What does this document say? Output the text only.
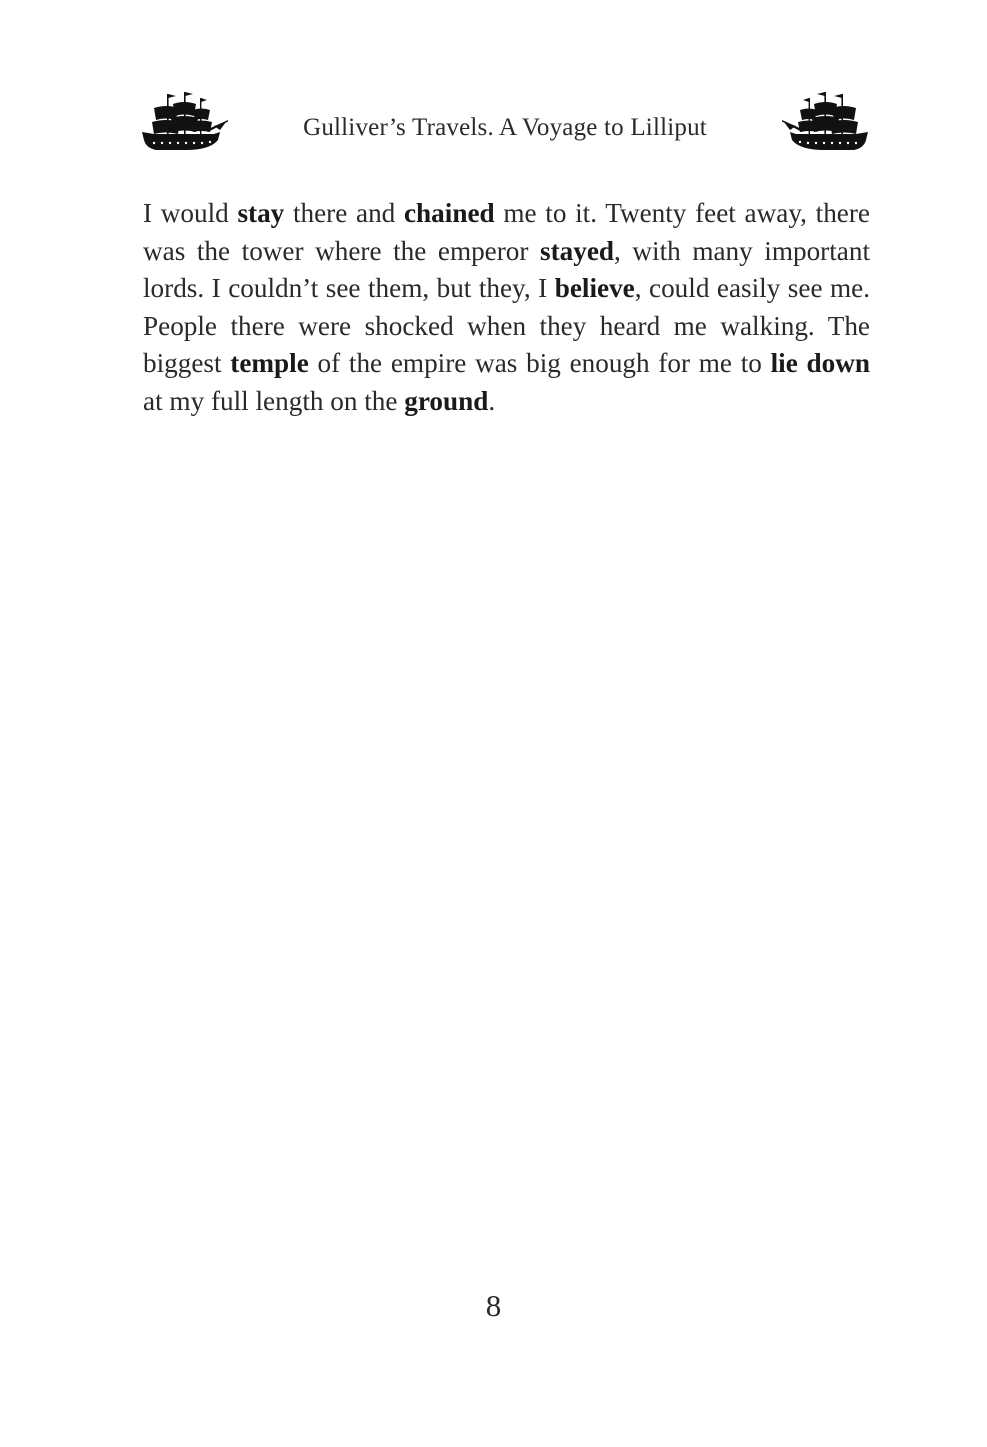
Gulliver’s Travels. A Voyage to Lilliput

I would stay there and chained me to it. Twenty feet away, there was the tower where the emperor stayed, with many important lords. I couldn’t see them, but they, I believe, could easily see me. People there were shocked when they heard me walking. The biggest temple of the empire was big enough for me to lie down at my full length on the ground.

8
